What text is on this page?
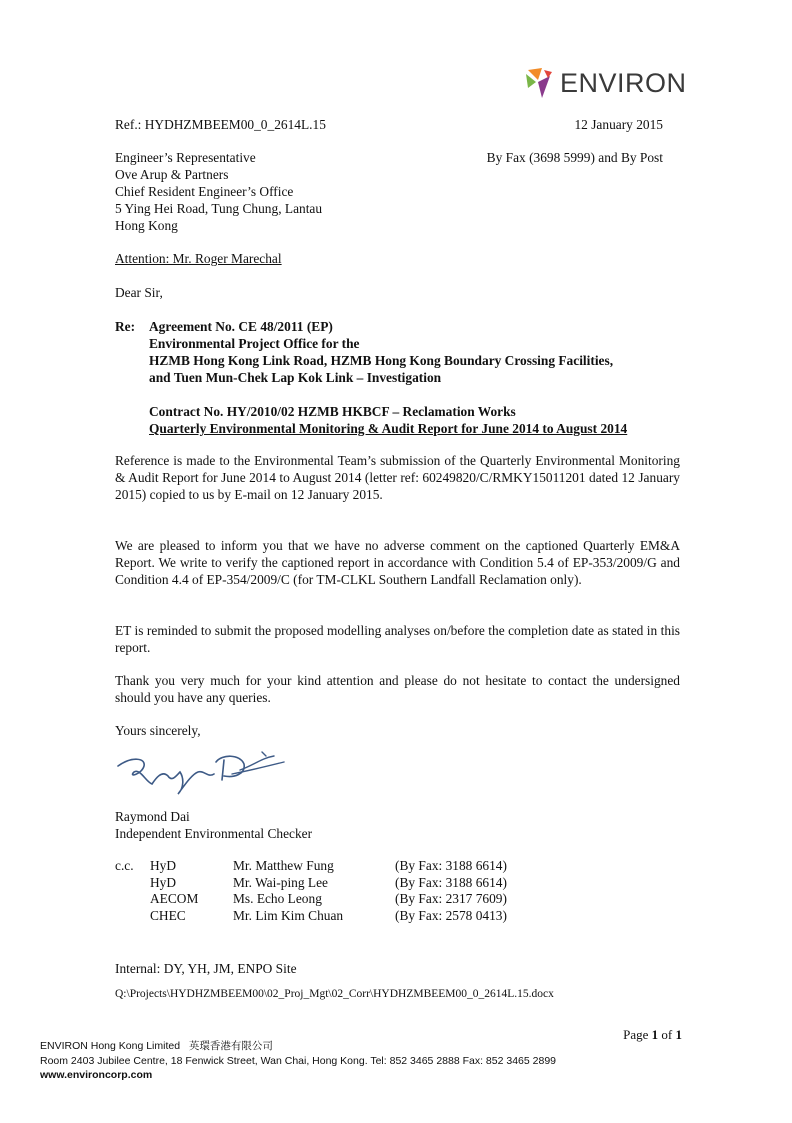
ENVIRON
Ref.: HYDHZMBEEM00_0_2614L.15	12 January 2015
Engineer’s Representative
Ove Arup & Partners
Chief Resident Engineer’s Office
5 Ying Hei Road, Tung Chung, Lantau
Hong Kong
By Fax (3698 5999) and By Post
Attention: Mr. Roger Marechal
Dear Sir,
Re: Agreement No. CE 48/2011 (EP)
Environmental Project Office for the
HZMB Hong Kong Link Road, HZMB Hong Kong Boundary Crossing Facilities,
and Tuen Mun-Chek Lap Kok Link – Investigation
Contract No. HY/2010/02 HZMB HKBCF – Reclamation Works
Quarterly Environmental Monitoring & Audit Report for June 2014 to August 2014
Reference is made to the Environmental Team’s submission of the Quarterly Environmental Monitoring & Audit Report for June 2014 to August 2014 (letter ref: 60249820/C/RMKY15011201 dated 12 January 2015) copied to us by E-mail on 12 January 2015.
We are pleased to inform you that we have no adverse comment on the captioned Quarterly EM&A Report. We write to verify the captioned report in accordance with Condition 5.4 of EP-353/2009/G and Condition 4.4 of EP-354/2009/C (for TM-CLKL Southern Landfall Reclamation only).
ET is reminded to submit the proposed modelling analyses on/before the completion date as stated in this report.
Thank you very much for your kind attention and please do not hesitate to contact the undersigned should you have any queries.
Yours sincerely,
Raymond Dai
Independent Environmental Checker
c.c.	HyD	Mr. Matthew Fung	(By Fax: 3188 6614)
	HyD	Mr. Wai-ping Lee	(By Fax: 3188 6614)
	AECOM	Ms. Echo Leong	(By Fax: 2317 7609)
	CHEC	Mr. Lim Kim Chuan	(By Fax: 2578 0413)
Internal: DY, YH, JM, ENPO Site
Q:\Projects\HYDHZMBEEM00\02_Proj_Mgt\02_Corr\HYDHZMBEEM00_0_2614L.15.docx
Page 1 of 1
ENVIRON Hong Kong Limited 英環香港有限公司
Room 2403 Jubilee Centre, 18 Fenwick Street, Wan Chai, Hong Kong. Tel: 852 3465 2888 Fax: 852 3465 2899
www.environcorp.com
